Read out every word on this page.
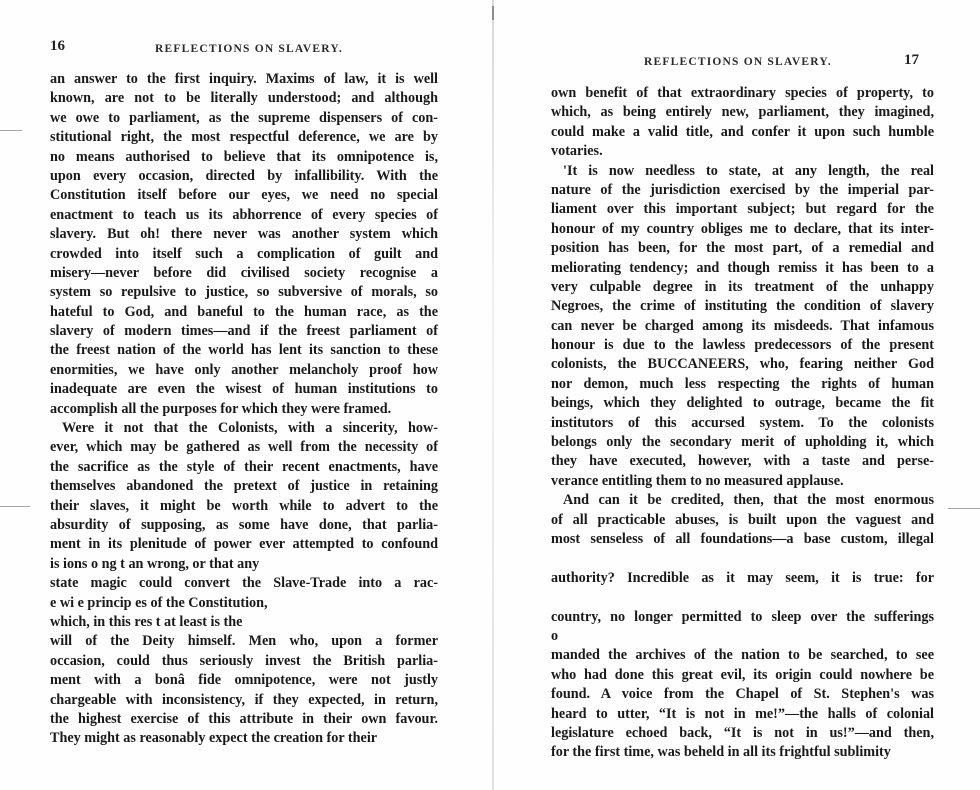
16	REFLECTIONS ON SLAVERY.
an answer to the first inquiry. Maxims of law, it is well
known, are not to be literally understood; and although
we owe to parliament, as the supreme dispensers of con-
stitutional right, the most respectful deference, we are by
no means authorised to believe that its omnipotence is,
upon every occasion, directed by infallibility. With the
Constitution itself before our eyes, we need no special
enactment to teach us its abhorrence of every species of
slavery. But oh! there never was another system which
crowded into itself such a complication of guilt and
misery—never before did civilised society recognise a
system so repulsive to justice, so subversive of morals, so
hateful to God, and baneful to the human race, as the
slavery of modern times—and if the freest parliament of
the freest nation of the world has lent its sanction to these
enormities, we have only another melancholy proof how
inadequate are even the wisest of human institutions to
accomplish all the purposes for which they were framed.
Were it not that the Colonists, with a sincerity, how-
ever, which may be gathered as well from the necessity of
the sacrifice as the style of their recent enactments, have
themselves abandoned the pretext of justice in retaining
their slaves, it might be worth while to advert to the
absurdity of supposing, as some have done, that parlia-
ment in its plenitude of power ever attempted to confound
is ions o ng t an wrong, or that any
state magic could convert the Slave-Trade into a rac-
e wi e princip es of the Constitution,
which, in this res t at least is the
will of the Deity himself. Men who, upon a former
occasion, could thus seriously invest the British parlia-
ment with a bonâ fide omnipotence, were not justly
chargeable with inconsistency, if they expected, in return,
the highest exercise of this attribute in their own favour.
They might as reasonably expect the creation for their
17
REFLECTIONS ON SLAVERY.
own benefit of that extraordinary species of property, to
which, as being entirely new, parliament, they imagined,
could make a valid title, and confer it upon such humble
votaries.
'It is now needless to state, at any length, the real
nature of the jurisdiction exercised by the imperial par-
liament over this important subject; but regard for the
honour of my country obliges me to declare, that its inter-
position has been, for the most part, of a remedial and
meliorating tendency; and though remiss it has been to a
very culpable degree in its treatment of the unhappy
Negroes, the crime of instituting the condition of slavery
can never be charged among its misdeeds. That infamous
honour is due to the lawless predecessors of the present
colonists, the BUCCANEERS, who, fearing neither God
nor demon, much less respecting the rights of human
beings, which they delighted to outrage, became the fit
institutors of this accursed system. To the colonists
belongs only the secondary merit of upholding it, which
they have executed, however, with a taste and perse-
verance entitling them to no measured applause.
And can it be credited, then, that the most enormous
of all practicable abuses, is built upon the vaguest and
most senseless of all foundations—a base custom, illegal
authority? Incredible as it may seem, it is true: for
country, no longer permitted to sleep over the sufferings
o
manded the archives of the nation to be searched, to see
who had done this great evil, its origin could nowhere be
found. A voice from the Chapel of St. Stephen's was
heard to utter, “It is not in me!”—the halls of colonial
legislature echoed back, “It is not in us!”—and then,
for the first time, was beheld in all its frightful sublimity
